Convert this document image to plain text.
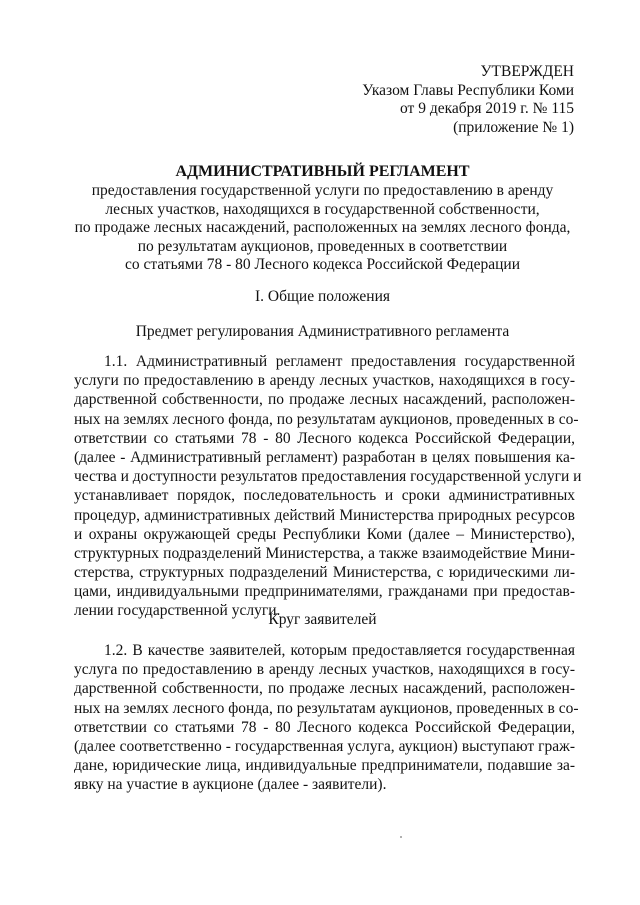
УТВЕРЖДЕН
Указом Главы Республики Коми
от 9 декабря 2019 г. № 115
(приложение № 1)
АДМИНИСТРАТИВНЫЙ РЕГЛАМЕНТ
предоставления государственной услуги по предоставлению в аренду
лесных участков, находящихся в государственной собственности,
по продаже лесных насаждений, расположенных на землях лесного фонда,
по результатам аукционов, проведенных в соответствии
со статьями 78 - 80 Лесного кодекса Российской Федерации
I. Общие положения
Предмет регулирования Административного регламента
1.1. Административный регламент предоставления государственной
услуги по предоставлению в аренду лесных участков, находящихся в госу-
дарственной собственности, по продаже лесных насаждений, расположен-
ных на землях лесного фонда, по результатам аукционов, проведенных в со-
ответствии со статьями 78 - 80 Лесного кодекса Российской Федерации,
(далее - Административный регламент) разработан в целях повышения ка-
чества и доступности результатов предоставления государственной услуги и
устанавливает порядок, последовательность и сроки административных
процедур, административных действий Министерства природных ресурсов
и охраны окружающей среды Республики Коми (далее – Министерство),
структурных подразделений Министерства, а также взаимодействие Мини-
стерства, структурных подразделений Министерства, с юридическими ли-
цами, индивидуальными предпринимателями, гражданами при предостав-
лении государственной услуги.
Круг заявителей
1.2. В качестве заявителей, которым предоставляется государственная
услуга по предоставлению в аренду лесных участков, находящихся в госу-
дарственной собственности, по продаже лесных насаждений, расположен-
ных на землях лесного фонда, по результатам аукционов, проведенных в со-
ответствии со статьями 78 - 80 Лесного кодекса Российской Федерации,
(далее соответственно - государственная услуга, аукцион) выступают граж-
дане, юридические лица, индивидуальные предприниматели, подавшие за-
явку на участие в аукционе (далее - заявители).
